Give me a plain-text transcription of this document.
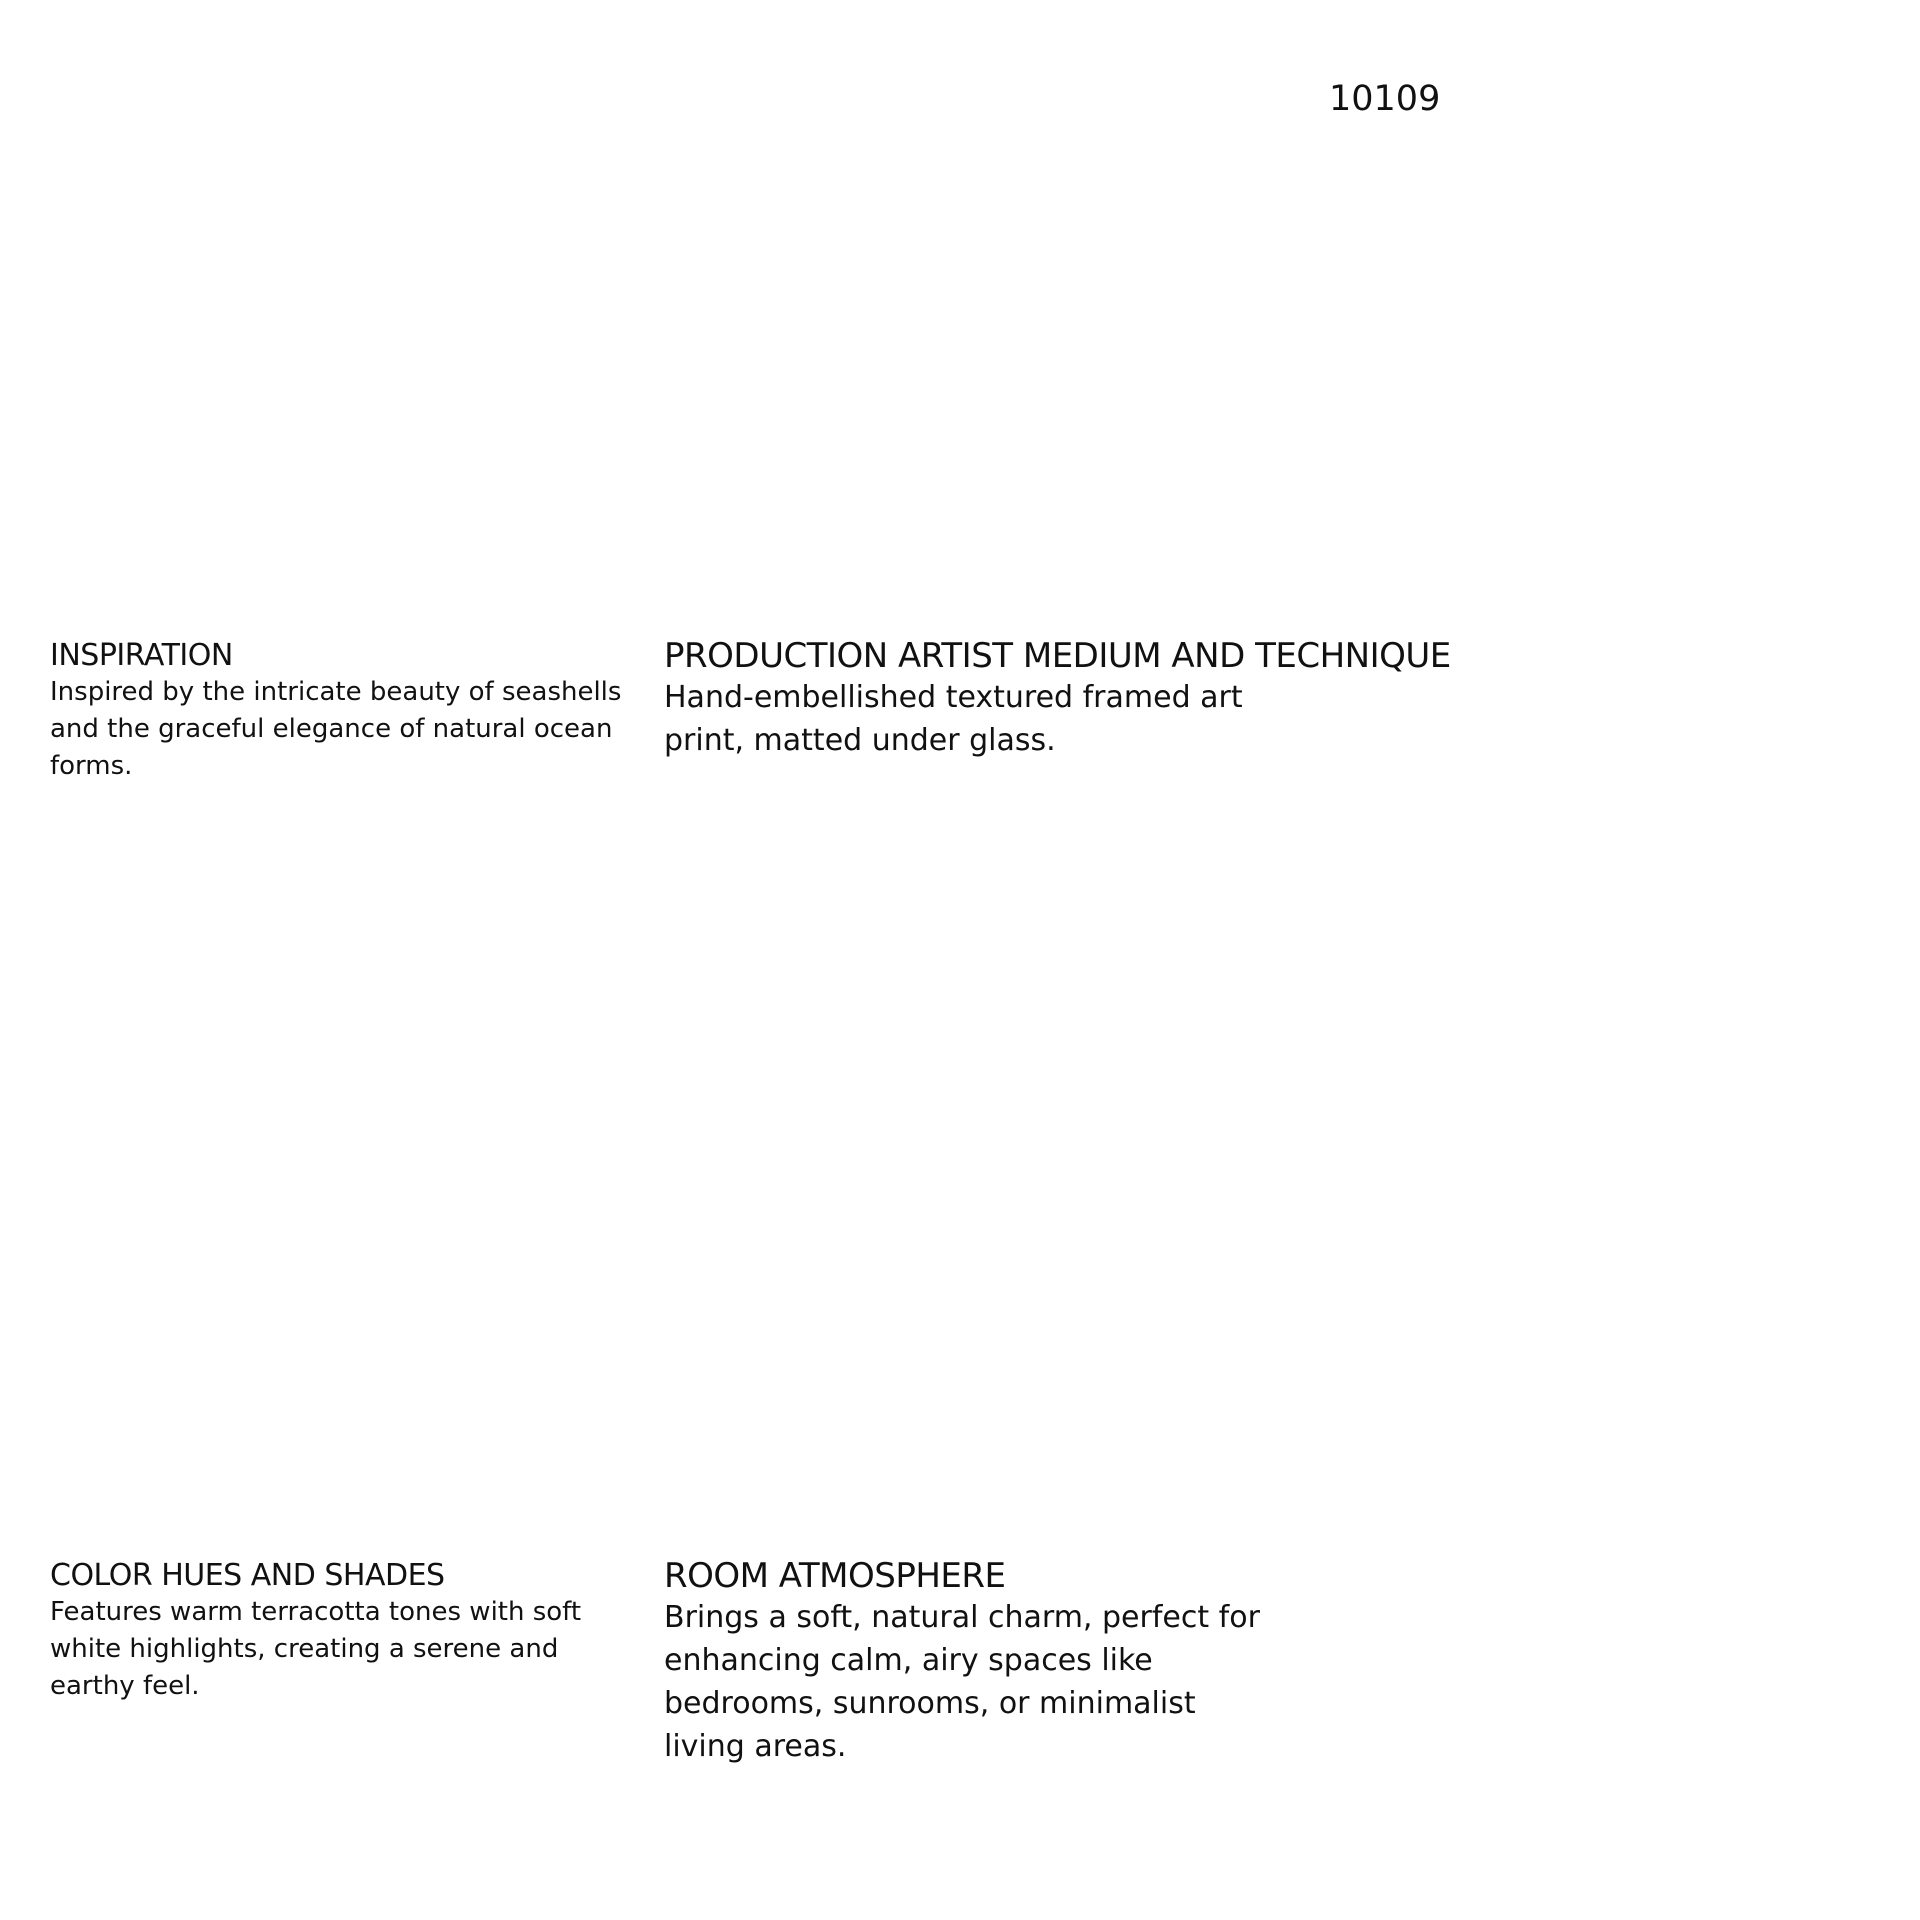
10109
INSPIRATION

Inspired by the intricate beauty of seashells and the graceful elegance of natural ocean forms.

PRODUCTION ARTIST MEDIUM AND TECHNIQUE

Hand-embellished textured framed art print, matted under glass.

COLOR HUES AND SHADES

Features warm terracotta tones with soft white highlights, creating a serene and earthy feel.

ROOM ATMOSPHERE

Brings a soft, natural charm, perfect for enhancing calm, airy spaces like bedrooms, sunrooms, or minimalist living areas.
